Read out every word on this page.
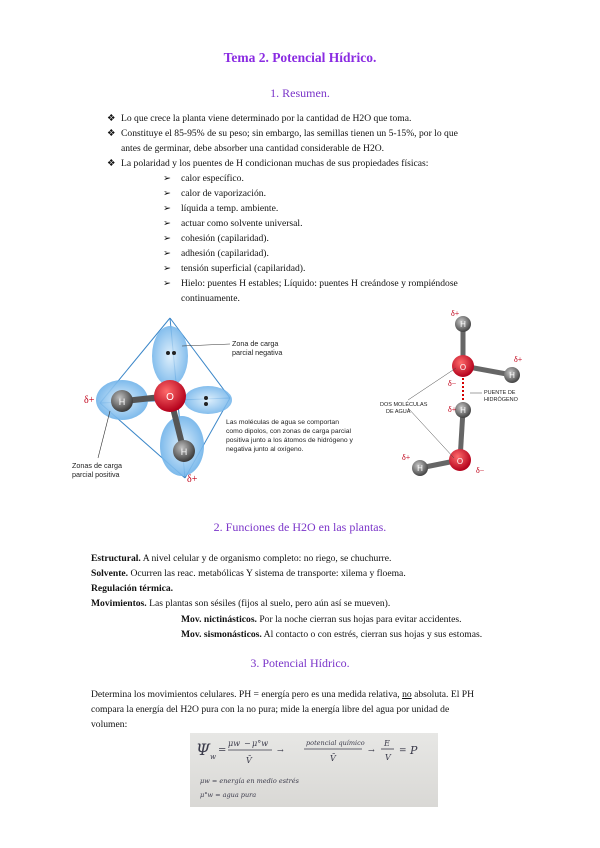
Tema 2. Potencial Hídrico.
1. Resumen.
❖ Lo que crece la planta viene determinado por la cantidad de H2O que toma.
❖ Constituye el 85-95% de su peso; sin embargo, las semillas tienen un 5-15%, por lo que
antes de germinar, debe absorber una cantidad considerable de H2O.
❖ La polaridad y los puentes de H condicionan muchas de sus propiedades físicas:
➢ calor específico.
➢ calor de vaporización.
➢ líquida a temp. ambiente.
➢ actuar como solvente universal.
➢ cohesión (capilaridad).
➢ adhesión (capilaridad).
➢ tensión superficial (capilaridad).
➢ Hielo: puentes H estables; Líquido: puentes H creándose y rompiéndose
continuamente.
O
H
H
δ+
δ+
Zona de carga
parcial negativa
Zonas de carga
parcial positiva
Las moléculas de agua se comportan
como dipolos, con zonas de carga parcial
positiva junto a los átomos de hidrógeno y
negativa junto al oxígeno.
H
H
O
H
H
O
δ+
δ+
δ−
δ+
δ−
δ+
DOS MOLÉCULAS
DE AGUA
PUENTE DE
HIDRÓGENO
2. Funciones de H2O en las plantas.
Estructural. A nivel celular y de organismo completo: no riego, se chuchurre.
Solvente. Ocurren las reac. metabólicas Y sistema de transporte: xilema y floema.
Regulación térmica.
Movimientos. Las plantas son sésiles (fijos al suelo, pero aún así se mueven).
Mov. nictinásticos. Por la noche cierran sus hojas para evitar accidentes.
Mov. sismonásticos. Al contacto o con estrés, cierran sus hojas y sus estomas.
3. Potencial Hídrico.
Determina los movimientos celulares. PH = energía pero es una medida relativa, no absoluta. El PH
compara la energía del H2O pura con la no pura; mide la energía libre del agua por unidad de
volumen:
Ψ w
=
μw − μ°w
V̄
→
potencial químico
V̄
→
E
V
= P
μw = energía en medio estrés
μ°w = agua pura
